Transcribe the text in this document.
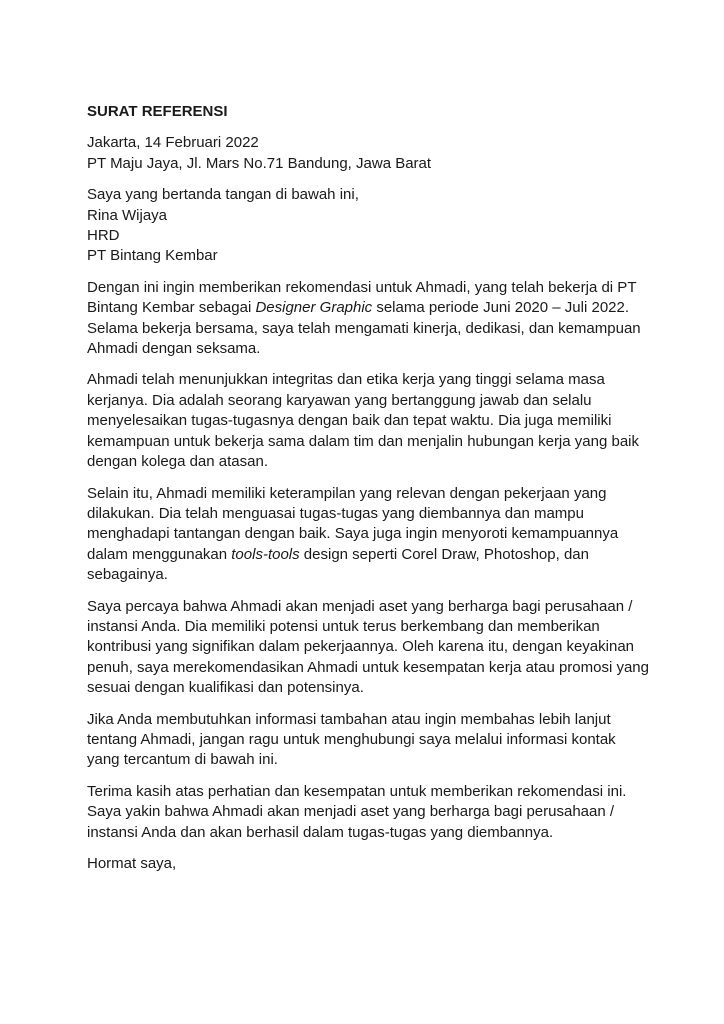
SURAT REFERENSI
Jakarta, 14 Februari 2022
PT Maju Jaya, Jl. Mars No.71 Bandung, Jawa Barat
Saya yang bertanda tangan di bawah ini,
Rina Wijaya
HRD
PT Bintang Kembar
Dengan ini ingin memberikan rekomendasi untuk Ahmadi, yang telah bekerja di PT
Bintang Kembar sebagai Designer Graphic selama periode Juni 2020 – Juli 2022.
Selama bekerja bersama, saya telah mengamati kinerja, dedikasi, dan kemampuan
Ahmadi dengan seksama.
Ahmadi telah menunjukkan integritas dan etika kerja yang tinggi selama masa
kerjanya. Dia adalah seorang karyawan yang bertanggung jawab dan selalu
menyelesaikan tugas-tugasnya dengan baik dan tepat waktu. Dia juga memiliki
kemampuan untuk bekerja sama dalam tim dan menjalin hubungan kerja yang baik
dengan kolega dan atasan.
Selain itu, Ahmadi memiliki keterampilan yang relevan dengan pekerjaan yang
dilakukan. Dia telah menguasai tugas-tugas yang diembannya dan mampu
menghadapi tantangan dengan baik. Saya juga ingin menyoroti kemampuannya
dalam menggunakan tools-tools design seperti Corel Draw, Photoshop, dan
sebagainya.
Saya percaya bahwa Ahmadi akan menjadi aset yang berharga bagi perusahaan /
instansi Anda. Dia memiliki potensi untuk terus berkembang dan memberikan
kontribusi yang signifikan dalam pekerjaannya. Oleh karena itu, dengan keyakinan
penuh, saya merekomendasikan Ahmadi untuk kesempatan kerja atau promosi yang
sesuai dengan kualifikasi dan potensinya.
Jika Anda membutuhkan informasi tambahan atau ingin membahas lebih lanjut
tentang Ahmadi, jangan ragu untuk menghubungi saya melalui informasi kontak
yang tercantum di bawah ini.
Terima kasih atas perhatian dan kesempatan untuk memberikan rekomendasi ini.
Saya yakin bahwa Ahmadi akan menjadi aset yang berharga bagi perusahaan /
instansi Anda dan akan berhasil dalam tugas-tugas yang diembannya.
Hormat saya,
